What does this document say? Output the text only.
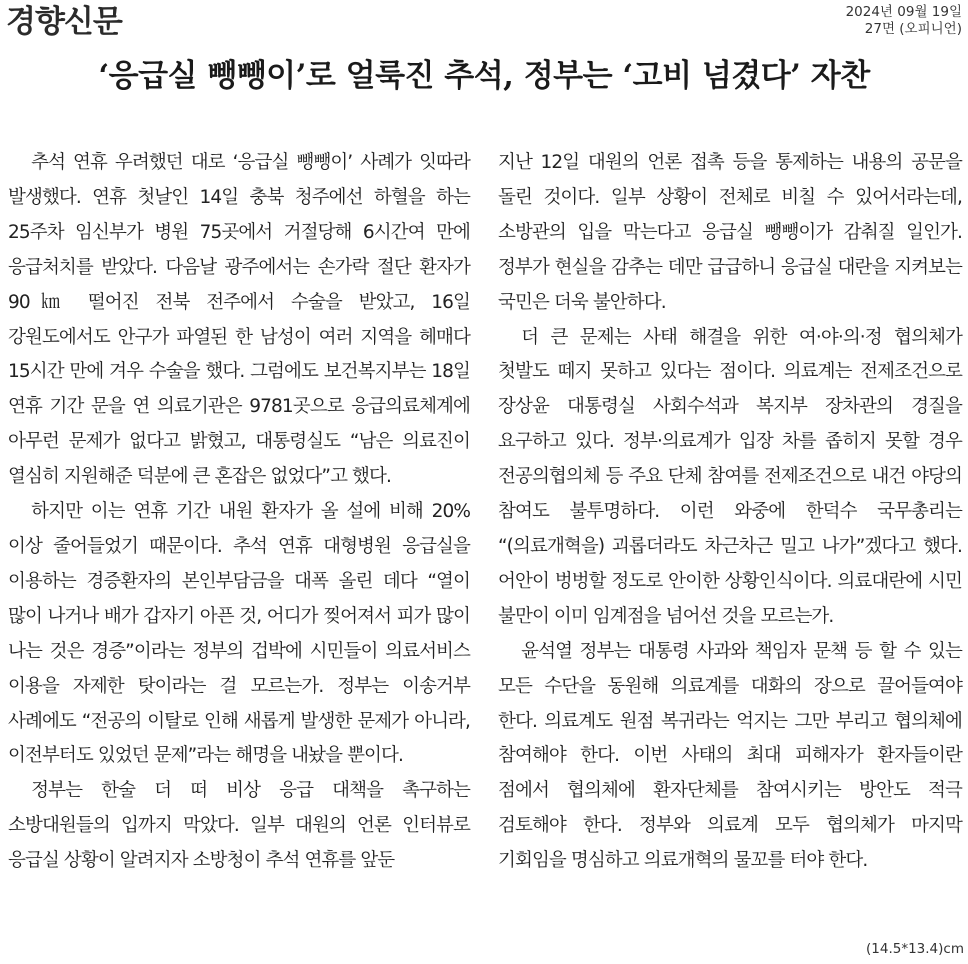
경향신문	2024년 09월 19일
27면 (오피니언)
‘응급실 뺑뺑이’로 얼룩진 추석, 정부는 ‘고비 넘겼다’ 자찬

추석 연휴 우려했던 대로 ‘응급실 뺑뺑이’ 사례가 잇따라 발생했다. 연휴 첫날인 14일 충북 청주에선 하혈을 하는 25주차 임신부가 병원 75곳에서 거절당해 6시간여 만에 응급처치를 받았다. 다음날 광주에서는 손가락 절단 환자가 90㎞ 떨어진 전북 전주에서 수술을 받았고, 16일 강원도에서도 안구가 파열된 한 남성이 여러 지역을 헤매다 15시간 만에 겨우 수술을 했다. 그럼에도 보건복지부는 18일 연휴 기간 문을 연 의료기관은 9781곳으로 응급의료체계에 아무런 문제가 없다고 밝혔고, 대통령실도 “남은 의료진이 열심히 지원해준 덕분에 큰 혼잡은 없었다”고 했다.

하지만 이는 연휴 기간 내원 환자가 올 설에 비해 20% 이상 줄어들었기 때문이다. 추석 연휴 대형병원 응급실을 이용하는 경증환자의 본인부담금을 대폭 올린 데다 “열이 많이 나거나 배가 갑자기 아픈 것, 어디가 찢어져서 피가 많이 나는 것은 경증”이라는 정부의 겁박에 시민들이 의료서비스 이용을 자제한 탓이라는 걸 모르는가. 정부는 이송거부 사례에도 “전공의 이탈로 인해 새롭게 발생한 문제가 아니라, 이전부터도 있었던 문제”라는 해명을 내놨을 뿐이다.

정부는 한술 더 떠 비상 응급 대책을 촉구하는 소방대원들의 입까지 막았다. 일부 대원의 언론 인터뷰로 응급실 상황이 알려지자 소방청이 추석 연휴를 앞둔

지난 12일 대원의 언론 접촉 등을 통제하는 내용의 공문을 돌린 것이다. 일부 상황이 전체로 비칠 수 있어서라는데, 소방관의 입을 막는다고 응급실 뺑뺑이가 감춰질 일인가. 정부가 현실을 감추는 데만 급급하니 응급실 대란을 지켜보는 국민은 더욱 불안하다.

더 큰 문제는 사태 해결을 위한 여·야·의·정 협의체가 첫발도 떼지 못하고 있다는 점이다. 의료계는 전제조건으로 장상윤 대통령실 사회수석과 복지부 장차관의 경질을 요구하고 있다. 정부·의료계가 입장 차를 좁히지 못할 경우 전공의협의체 등 주요 단체 참여를 전제조건으로 내건 야당의 참여도 불투명하다. 이런 와중에 한덕수 국무총리는 “(의료개혁을) 괴롭더라도 차근차근 밀고 나가”겠다고 했다. 어안이 벙벙할 정도로 안이한 상황인식이다. 의료대란에 시민 불만이 이미 임계점을 넘어선 것을 모르는가.

윤석열 정부는 대통령 사과와 책임자 문책 등 할 수 있는 모든 수단을 동원해 의료계를 대화의 장으로 끌어들여야 한다. 의료계도 원점 복귀라는 억지는 그만 부리고 협의체에 참여해야 한다. 이번 사태의 최대 피해자가 환자들이란 점에서 협의체에 환자단체를 참여시키는 방안도 적극 검토해야 한다. 정부와 의료계 모두 협의체가 마지막 기회임을 명심하고 의료개혁의 물꼬를 터야 한다.

(14.5*13.4)cm
